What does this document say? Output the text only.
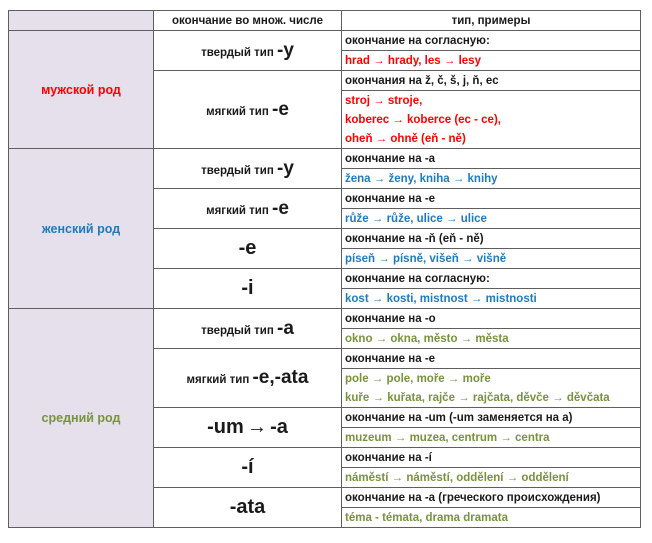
	окончание во множ. числе	тип, примеры
мужской род	твердый тип -y	окончание на согласную:
		hrad → hrady, les → lesy
	мягкий тип -e	окончания на ž, č, š, j, ň, ec
		stroj → stroje,
		koberec → koberce (ec - ce),
		oheň → ohně (eň - ně)
женский род	твердый тип -y	окончание на -a
		žena → ženy, kniha → knihy
	мягкий тип -e	окончание на -e
		růže → růže, ulice → ulice
	-e	окончание на -ň (eň - ně)
		píseň → písně, višeň → višně
	-i	окончание на согласную:
		kost → kosti, mistnost → mistnosti
средний род	твердый тип -a	окончание на -o
		okno → okna, město → města
	мягкий тип -e,-ata	окончание на -e
		pole → pole, moře → moře
		kuře → kuřata, rajče → rajčata, děvče → děvčata
	-um → -a	окончание на -um (-um заменяется на а)
		muzeum → muzea, centrum → centra
	-í	окончание на -í
		náměstí → náměstí, oddělení → oddělení
	-ata	окончание на -a (греческого происхождения)
		téma - témata, drama dramata
